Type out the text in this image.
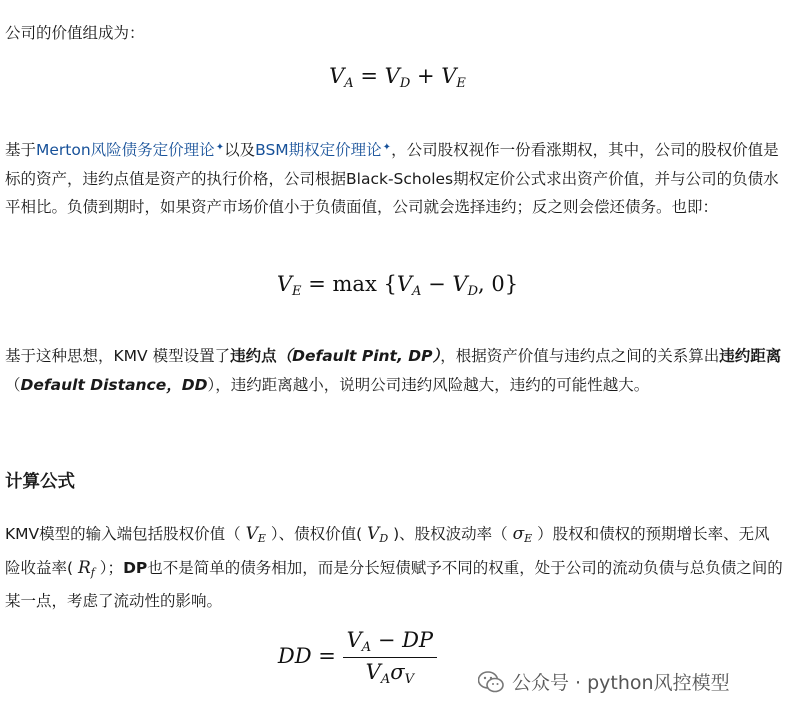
公司的价值组成为：

$V_A = V_D + V_E$

基于Merton风险债务定价理论✦以及BSM期权定价理论✦，公司股权视作一份看涨期权，其中，公司的股权价值是标的资产，违约点值是资产的执行价格，公司根据Black-Scholes期权定价公式求出资产价值，并与公司的负债水平相比。负债到期时，如果资产市场价值小于负债面值，公司就会选择违约；反之则会偿还债务。也即：

$V_E = \max \{V_A - V_D$, 0}

基于这种思想，KMV 模型设置了违约点（Default Pint, DP），根据资产价值与违约点之间的关系算出违约距离（Default Distance，DD），违约距离越小，说明公司违约风险越大，违约的可能性越大。

计算公式

KMV模型的输入端包括股权价值（ $V_E$ ）、债权价值( $V_D$ )、股权波动率（ $\sigma_E$ ）股权和债权的预期增长率、无风险收益率( $R_f$ ）；DP也不是简单的债务相加，而是分长短债赋予不同的权重，处于公司的流动负债与总负债之间的某一点，考虑了流动性的影响。

DD = $\frac{V_A - DP}{V_A\sigma_V}$	公众号 · python风控模型
